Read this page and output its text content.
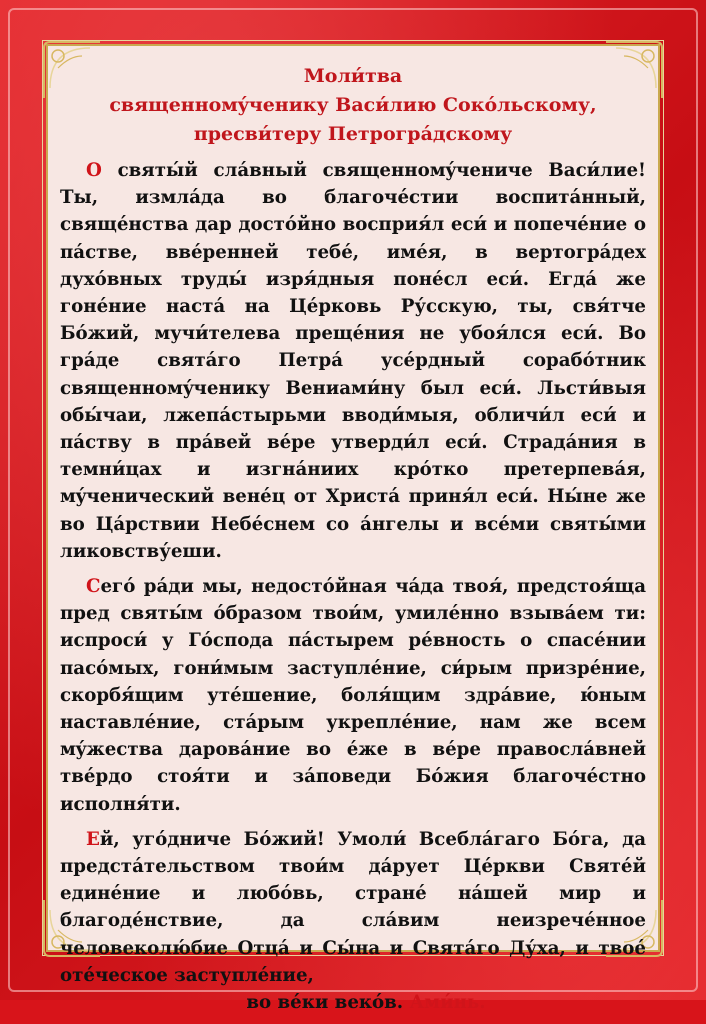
Моли́тва
священномýченику Васи́лию Соко́льскому,
пресви́теру Петрогра́дскому

О святы́й сла́вный священномýчениче Васи́лие! Ты, измла́да во благоче́стии воспита́нный, свяще́нства дар досто́йно восприя́л еси́ и попече́ние о па́стве, вве́ренней тебе́, име́я, в вертогра́дех духо́вных труды́ изря́дныя поне́сл еси́. Егда́ же гоне́ние наста́ на Це́рковь Ру́сскую, ты, свя́тче Бо́жий, мучи́телева преще́ния не убоя́лся еси́. Во гра́де свята́го Петра́ усе́рдный сорабо́тник священномýченику Вениами́ну был еси́. Льсти́выя обы́чаи, лжепа́стырьми вводи́мыя, обличи́л еси́ и па́ству в пра́вей ве́ре утверди́л еси́. Страда́ния в темни́цах и изгна́ниих кро́тко претерпева́я, мýченический вене́ц от Христа́ приня́л еси́. Ны́не же во Ца́рствии Небе́снем со а́нгелы и все́ми святы́ми ликовству́еши.

Сего́ ра́ди мы, недосто́йная ча́да твоя́, предстоя́ща пред святы́м о́бразом твои́м, умиле́нно взыва́ем ти: испроси́ у Го́спода па́стырем ре́вность о спасе́нии пасо́мых, гони́мым заступле́ние, си́рым призре́ние, скорбя́щим уте́шение, боля́щим здра́вие, ю́ным наставле́ние, ста́рым укрепле́ние, нам же всем мýжества дарова́ние во е́же в ве́ре правосла́вней тве́рдо стоя́ти и за́поведи Бо́жия благоче́стно исполня́ти.

Ей, уго́дниче Бо́жий! Умоли́ Всебла́гаго Бо́га, да предста́тельством твои́м да́рует Це́ркви Святе́й едине́ние и любо́вь, стране́ на́шей мир и благоде́нствие, да сла́вим неизрече́нное человеколю́бие Отца́ и Сы́на и Свята́го Ду́ха, и твое́ оте́ческое заступле́ние,
во ве́ки веко́в. Ами́нь.
